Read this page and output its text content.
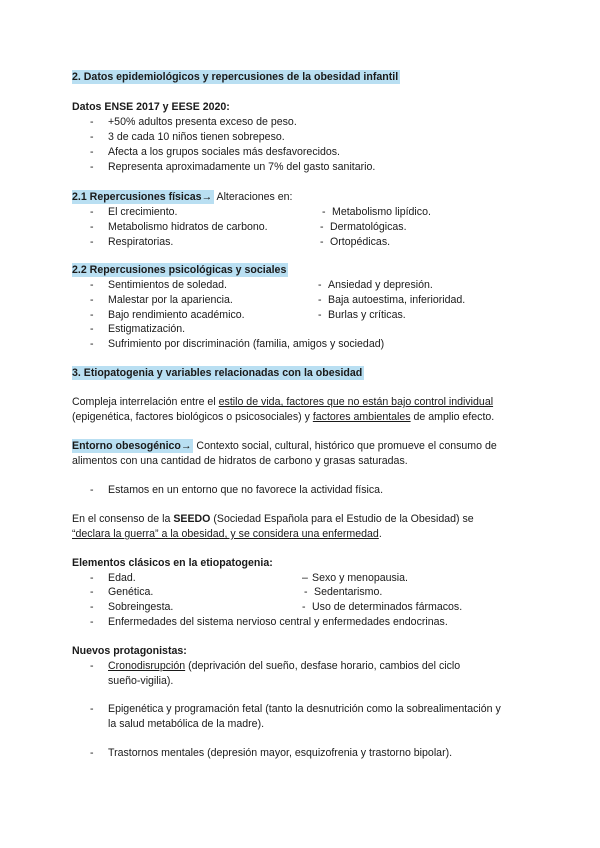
2. Datos epidemiológicos y repercusiones de la obesidad infantil
Datos ENSE 2017 y EESE 2020:
- +50% adultos presenta exceso de peso.
- 3 de cada 10 niños tienen sobrepeso.
- Afecta a los grupos sociales más desfavorecidos.
- Representa aproximadamente un 7% del gasto sanitario.
2.1 Repercusiones físicas→ Alteraciones en:
- El crecimiento.	- Metabolismo lipídico.
- Metabolismo hidratos de carbono.	- Dermatológicas.
- Respiratorias.	- Ortopédicas.
2.2 Repercusiones psicológicas y sociales
- Sentimientos de soledad.	- Ansiedad y depresión.
- Malestar por la apariencia.	- Baja autoestima, inferioridad.
- Bajo rendimiento académico.	- Burlas y críticas.
- Estigmatización.
- Sufrimiento por discriminación (familia, amigos y sociedad)
3. Etiopatogenia y variables relacionadas con la obesidad
Compleja interrelación entre el estilo de vida, factores que no están bajo control individual
(epigenética, factores biológicos o psicosociales) y factores ambientales de amplio efecto.
Entorno obesogénico→ Contexto social, cultural, histórico que promueve el consumo de
alimentos con una cantidad de hidratos de carbono y grasas saturadas.
- Estamos en un entorno que no favorece la actividad física.
En el consenso de la SEEDO (Sociedad Española para el Estudio de la Obesidad) se
“declara la guerra” a la obesidad, y se considera una enfermedad.
Elementos clásicos en la etiopatogenia:
- Edad.	– Sexo y menopausia.
- Genética.	- Sedentarismo.
- Sobreingesta.	- Uso de determinados fármacos.
- Enfermedades del sistema nervioso central y enfermedades endocrinas.
Nuevos protagonistas:
- Cronodisrupción (deprivación del sueño, desfase horario, cambios del ciclo
sueño-vigilia).
- Epigenética y programación fetal (tanto la desnutrición como la sobrealimentación y
la salud metabólica de la madre).
- Trastornos mentales (depresión mayor, esquizofrenia y trastorno bipolar).
